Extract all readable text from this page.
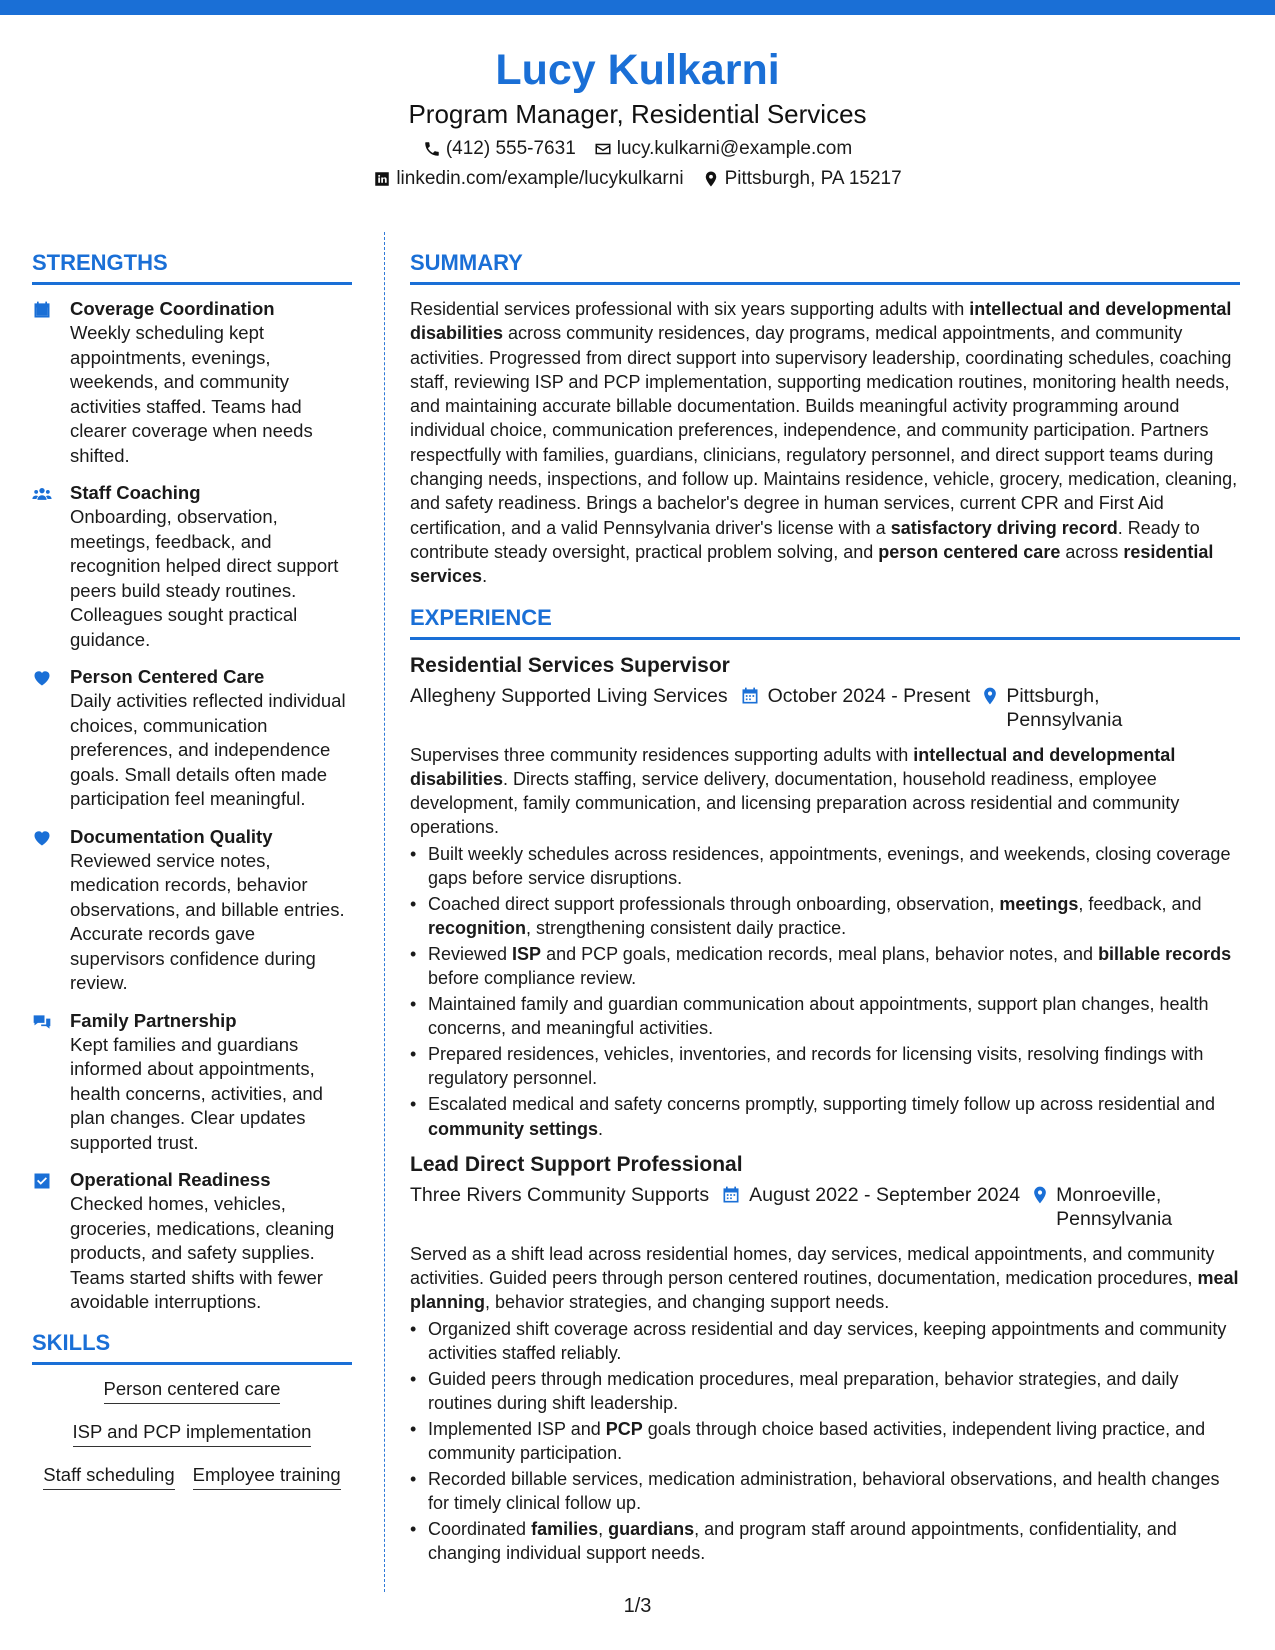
Lucy Kulkarni
Program Manager, Residential Services
(412) 555-7631 lucy.kulkarni@example.com
linkedin.com/example/lucykulkarni Pittsburgh, PA 15217
STRENGTHS
Coverage Coordination
Weekly scheduling kept appointments, evenings, weekends, and community activities staffed. Teams had clearer coverage when needs shifted.
Staff Coaching
Onboarding, observation, meetings, feedback, and recognition helped direct support peers build steady routines. Colleagues sought practical guidance.
Person Centered Care
Daily activities reflected individual choices, communication preferences, and independence goals. Small details often made participation feel meaningful.
Documentation Quality
Reviewed service notes, medication records, behavior observations, and billable entries. Accurate records gave supervisors confidence during review.
Family Partnership
Kept families and guardians informed about appointments, health concerns, activities, and plan changes. Clear updates supported trust.
Operational Readiness
Checked homes, vehicles, groceries, medications, cleaning products, and safety supplies. Teams started shifts with fewer avoidable interruptions.
SKILLS
Person centered care
ISP and PCP implementation
Staff scheduling Employee training
SUMMARY
Residential services professional with six years supporting adults with intellectual and developmental disabilities across community residences, day programs, medical appointments, and community activities. Progressed from direct support into supervisory leadership, coordinating schedules, coaching staff, reviewing ISP and PCP implementation, supporting medication routines, monitoring health needs, and maintaining accurate billable documentation. Builds meaningful activity programming around individual choice, communication preferences, independence, and community participation. Partners respectfully with families, guardians, clinicians, regulatory personnel, and direct support teams during changing needs, inspections, and follow up. Maintains residence, vehicle, grocery, medication, cleaning, and safety readiness. Brings a bachelor's degree in human services, current CPR and First Aid certification, and a valid Pennsylvania driver's license with a satisfactory driving record. Ready to contribute steady oversight, practical problem solving, and person centered care across residential services.
EXPERIENCE
Residential Services Supervisor
Allegheny Supported Living Services October 2024 - Present Pittsburgh, Pennsylvania
Supervises three community residences supporting adults with intellectual and developmental disabilities. Directs staffing, service delivery, documentation, household readiness, employee development, family communication, and licensing preparation across residential and community operations.
• Built weekly schedules across residences, appointments, evenings, and weekends, closing coverage gaps before service disruptions.
• Coached direct support professionals through onboarding, observation, meetings, feedback, and recognition, strengthening consistent daily practice.
• Reviewed ISP and PCP goals, medication records, meal plans, behavior notes, and billable records before compliance review.
• Maintained family and guardian communication about appointments, support plan changes, health concerns, and meaningful activities.
• Prepared residences, vehicles, inventories, and records for licensing visits, resolving findings with regulatory personnel.
• Escalated medical and safety concerns promptly, supporting timely follow up across residential and community settings.
Lead Direct Support Professional
Three Rivers Community Supports August 2022 - September 2024 Monroeville, Pennsylvania
Served as a shift lead across residential homes, day services, medical appointments, and community activities. Guided peers through person centered routines, documentation, medication procedures, meal planning, behavior strategies, and changing support needs.
• Organized shift coverage across residential and day services, keeping appointments and community activities staffed reliably.
• Guided peers through medication procedures, meal preparation, behavior strategies, and daily routines during shift leadership.
• Implemented ISP and PCP goals through choice based activities, independent living practice, and community participation.
• Recorded billable services, medication administration, behavioral observations, and health changes for timely clinical follow up.
• Coordinated families, guardians, and program staff around appointments, confidentiality, and changing individual support needs.
1/3
